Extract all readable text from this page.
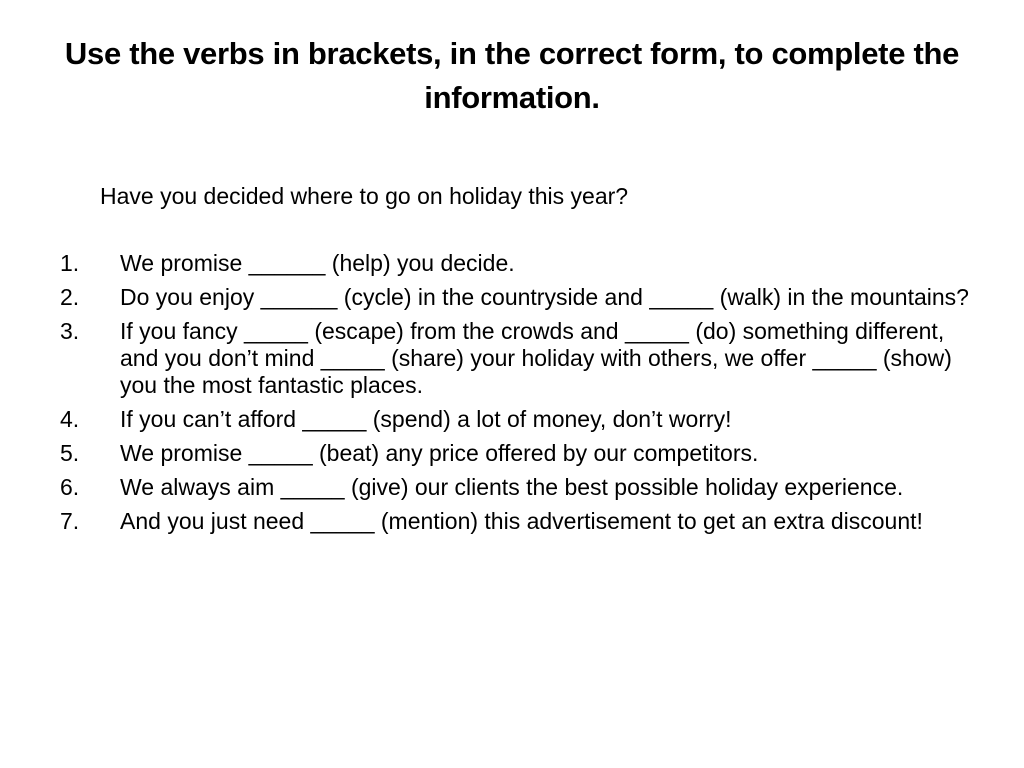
Use the verbs in brackets, in the correct form, to complete the information.

Have you decided where to go on holiday this year?

1.	We promise ______ (help) you decide.
2.	Do you enjoy ______ (cycle) in the countryside and _____ (walk) in the mountains?
3.	If you fancy _____ (escape) from the crowds and _____ (do) something different, and you don’t mind _____ (share) your holiday with others, we offer _____ (show) you the most fantastic places.
4.	If you can’t afford _____ (spend) a lot of money, don’t worry!
5.	We promise _____ (beat) any price offered by our competitors.
6.	We always aim _____ (give) our clients the best possible holiday experience.
7.	And you just need _____ (mention) this advertisement to get an extra discount!
